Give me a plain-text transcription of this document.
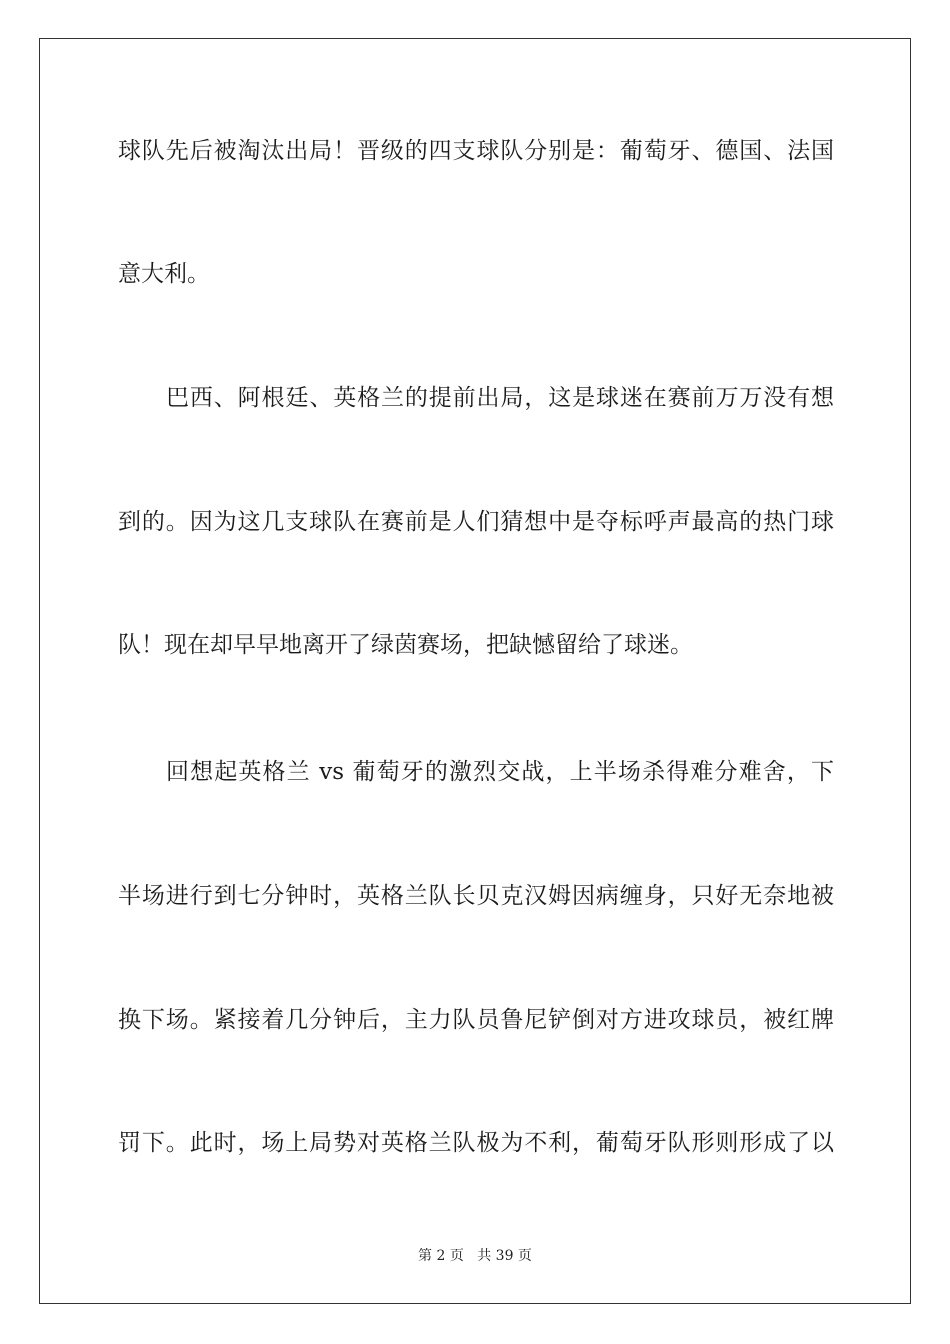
球队先后被淘汰出局！晋级的四支球队分别是：葡萄牙、德国、法国
意大利。
巴西、阿根廷、英格兰的提前出局，这是球迷在赛前万万没有想
到的。因为这几支球队在赛前是人们猜想中是夺标呼声最高的热门球
队！现在却早早地离开了绿茵赛场，把缺憾留给了球迷。
回想起英格兰 vs 葡萄牙的激烈交战，上半场杀得难分难舍，下
半场进行到七分钟时，英格兰队长贝克汉姆因病缠身，只好无奈地被
换下场。紧接着几分钟后，主力队员鲁尼铲倒对方进攻球员，被红牌
罚下。此时，场上局势对英格兰队极为不利，葡萄牙队形则形成了以
第 2 页 共 39 页
